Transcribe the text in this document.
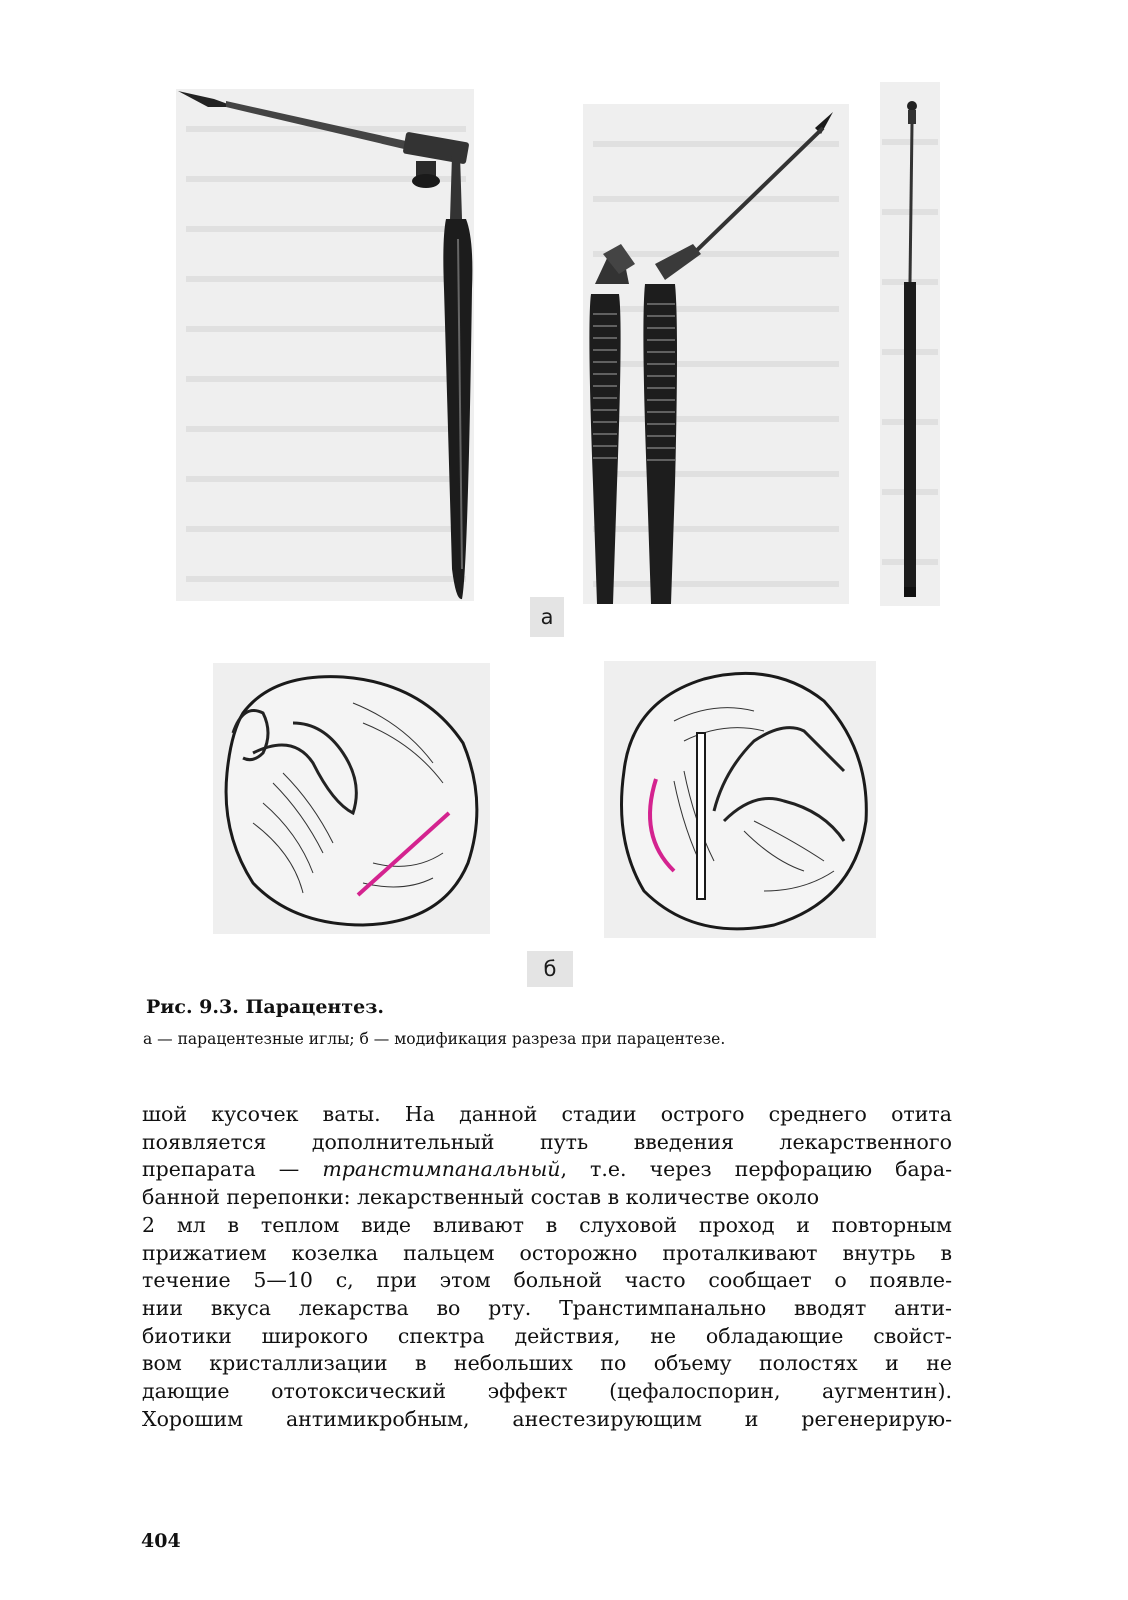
а
б
Рис. 9.3. Парацентез.
а — парацентезные иглы; б — модификация разреза при парацентезе.
шой кусочек ваты. На данной стадии острого среднего отита
появляется дополнительный путь введения лекарственного
препарата — транстимпанальный, т.е. через перфорацию бара-
банной перепонки: лекарственный состав в количестве около
2 мл в теплом виде вливают в слуховой проход и повторным
прижатием козелка пальцем осторожно проталкивают внутрь в
течение 5—10 с, при этом больной часто сообщает о появле-
нии вкуса лекарства во рту. Транстимпанально вводят анти-
биотики широкого спектра действия, не обладающие свойст-
вом кристаллизации в небольших по объему полостях и не
дающие ототоксический эффект (цефалоспорин, аугментин).
Хорошим антимикробным, анестезирующим и регенерирую-
404
